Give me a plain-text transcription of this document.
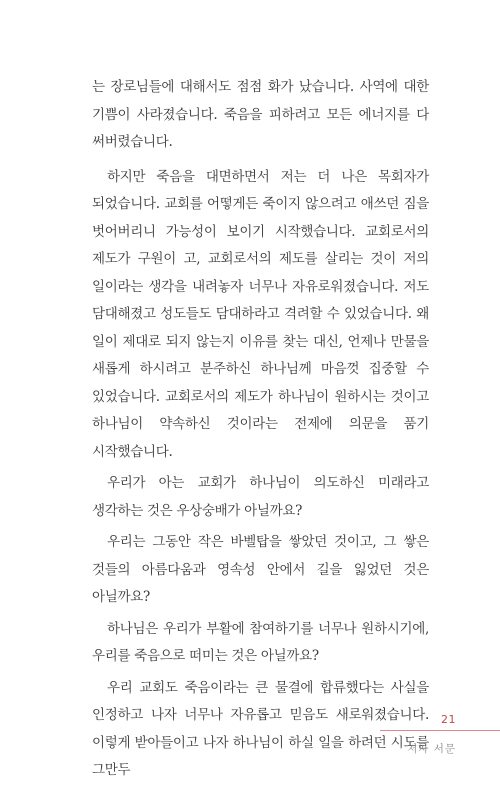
는 장로님들에 대해서도 점점 화가 났습니다. 사역에 대한 기쁨이 사라졌습니다. 죽음을 피하려고 모든 에너지를 다 써버렸습니다.

하지만 죽음을 대면하면서 저는 더 나은 목회자가 되었습니다. 교회를 어떻게든 죽이지 않으려고 애쓰던 짐을 벗어버리니 가능성이 보이기 시작했습니다. 교회로서의 제도가 구원이 고, 교회로서의 제도를 살리는 것이 저의 일이라는 생각을 내려놓자 너무나 자유로워졌습니다. 저도 담대해졌고 성도들도 담대하라고 격려할 수 있었습니다. 왜 일이 제대로 되지 않는지 이유를 찾는 대신, 언제나 만물을 새롭게 하시려고 분주하신 하나님께 마음껏 집중할 수 있었습니다. 교회로서의 제도가 하나님이 원하시는 것이고 하나님이 약속하신 것이라는 전제에 의문을 품기 시작했습니다.

우리가 아는 교회가 하나님이 의도하신 미래라고 생각하는 것은 우상숭배가 아닐까요?

우리는 그동안 작은 바벨탑을 쌓았던 것이고, 그 쌓은 것들의 아름다움과 영속성 안에서 길을 잃었던 것은 아닐까요?

하나님은 우리가 부활에 참여하기를 너무나 원하시기에, 우리를 죽음으로 떠미는 것은 아닐까요?

우리 교회도 죽음이라는 큰 물결에 합류했다는 사실을 인정하고 나자 너무나 자유롭고 믿음도 새로워졌습니다. 이렇게 받아들이고 나자 하나님이 하실 일을 하려던 시도를 그만두

21
저자 서문
